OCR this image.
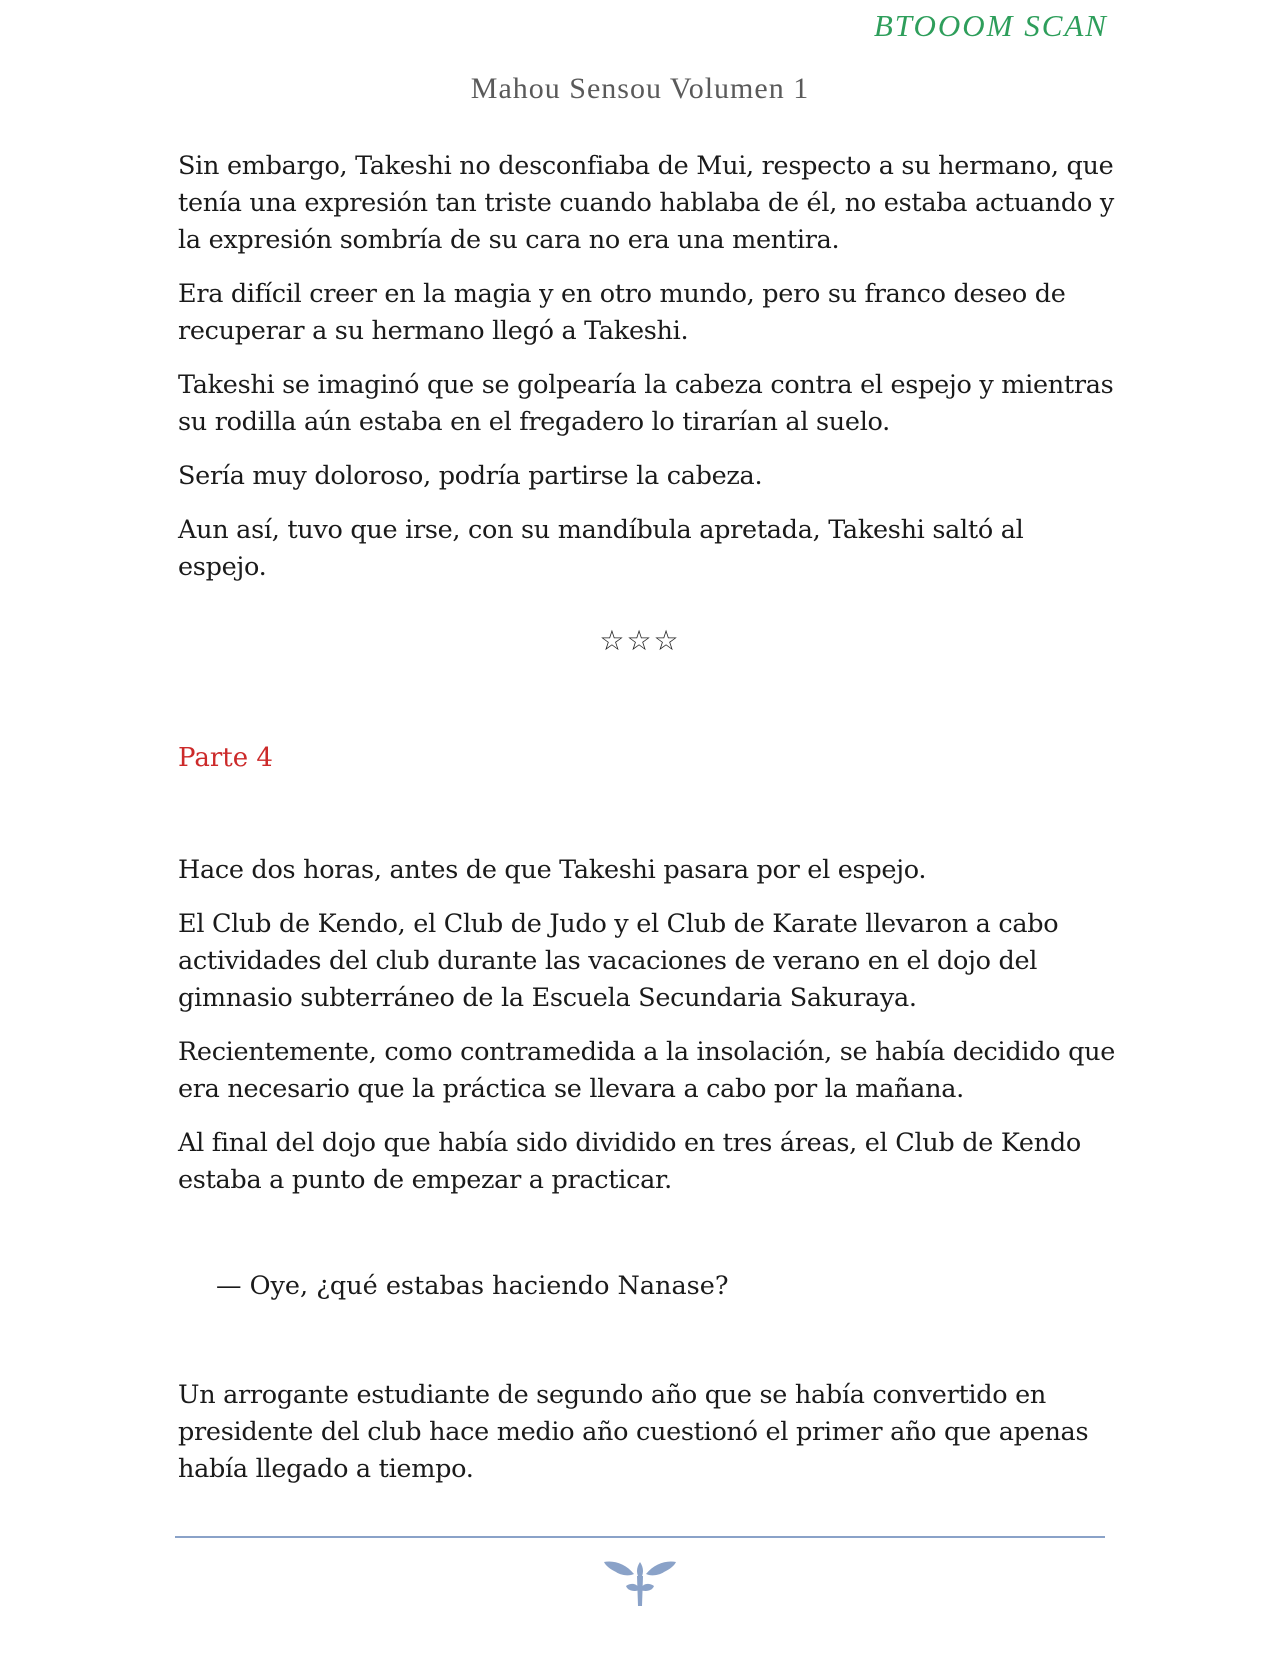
BTOOOM SCAN
Mahou Sensou Volumen 1

Sin embargo, Takeshi no desconfiaba de Mui, respecto a su hermano, que tenía una expresión tan triste cuando hablaba de él, no estaba actuando y la expresión sombría de su cara no era una mentira.

Era difícil creer en la magia y en otro mundo, pero su franco deseo de recuperar a su hermano llegó a Takeshi.

Takeshi se imaginó que se golpearía la cabeza contra el espejo y mientras su rodilla aún estaba en el fregadero lo tirarían al suelo.

Sería muy doloroso, podría partirse la cabeza.

Aun así, tuvo que irse, con su mandíbula apretada, Takeshi saltó al espejo.

☆☆☆
Parte 4

Hace dos horas, antes de que Takeshi pasara por el espejo.

El Club de Kendo, el Club de Judo y el Club de Karate llevaron a cabo actividades del club durante las vacaciones de verano en el dojo del gimnasio subterráneo de la Escuela Secundaria Sakuraya.

Recientemente, como contramedida a la insolación, se había decidido que era necesario que la práctica se llevara a cabo por la mañana.

Al final del dojo que había sido dividido en tres áreas, el Club de Kendo estaba a punto de empezar a practicar.

— Oye, ¿qué estabas haciendo Nanase?

Un arrogante estudiante de segundo año que se había convertido en presidente del club hace medio año cuestionó el primer año que apenas había llegado a tiempo.
